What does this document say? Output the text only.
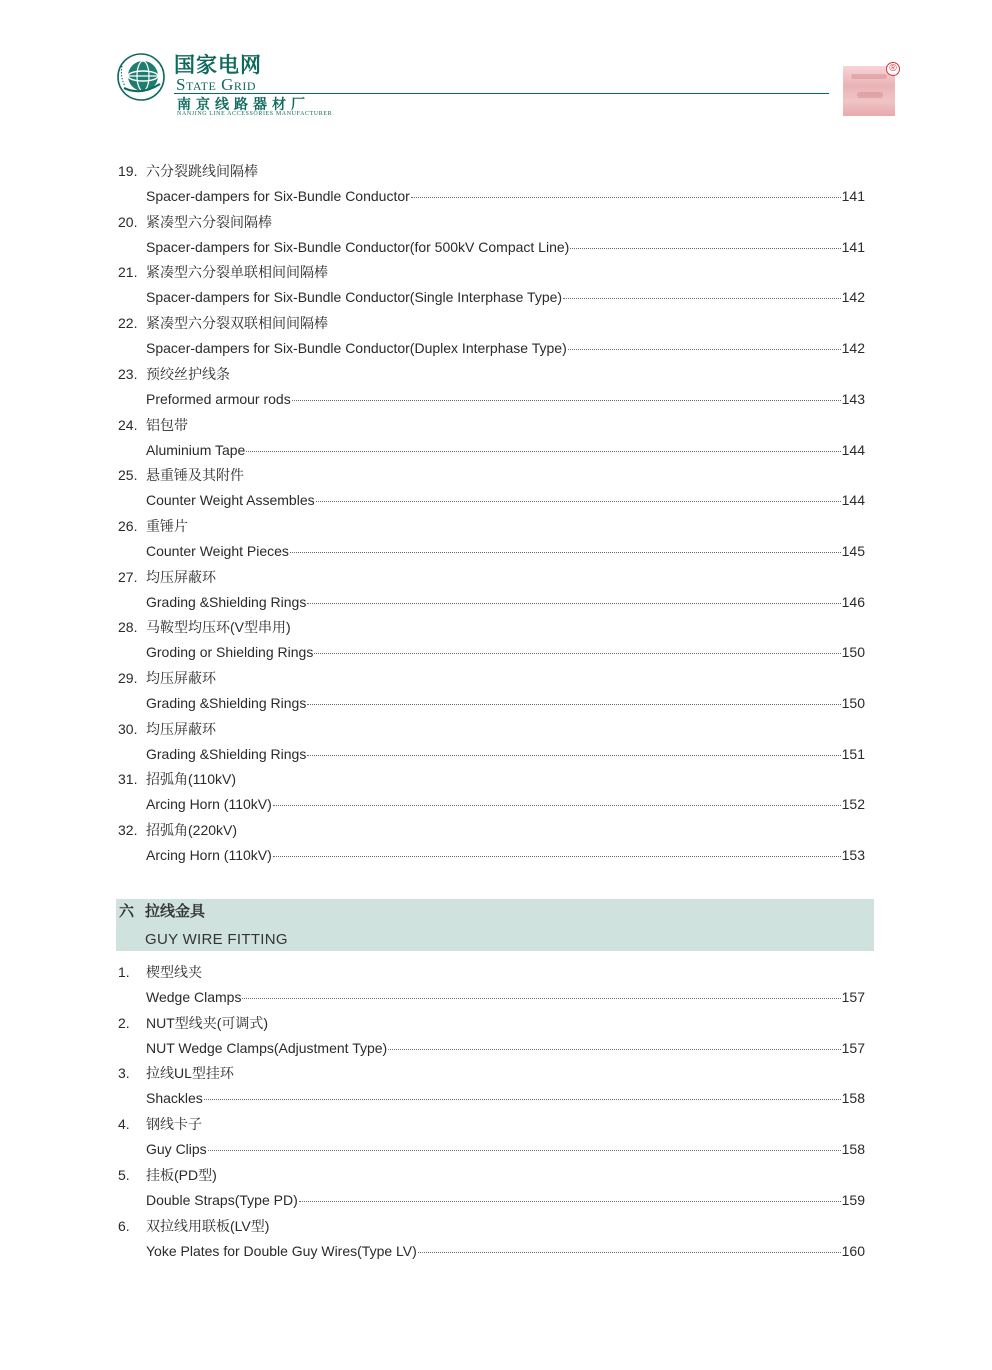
国家电网
State Grid
南京线路器材厂
NANJING LINE ACCESSORIES MANUFACTURER
®
19. 六分裂跳线间隔棒
Spacer-dampers for Six-Bundle Conductor	141
20. 紧凑型六分裂间隔棒
Spacer-dampers for Six-Bundle Conductor(for 500kV Compact Line)	141
21. 紧凑型六分裂单联相间间隔棒
Spacer-dampers for Six-Bundle Conductor(Single Interphase Type)	142
22. 紧凑型六分裂双联相间间隔棒
Spacer-dampers for Six-Bundle Conductor(Duplex Interphase Type)	142
23. 预绞丝护线条
Preformed armour rods	143
24. 铝包带
Aluminium Tape	144
25. 悬重锤及其附件
Counter Weight Assembles	144
26. 重锤片
Counter Weight Pieces	145
27. 均压屏蔽环
Grading &Shielding Rings	146
28. 马鞍型均压环(V型串用)
Groding or Shielding Rings	150
29. 均压屏蔽环
Grading &Shielding Rings	150
30. 均压屏蔽环
Grading &Shielding Rings	151
31. 招弧角(110kV)
Arcing Horn (110kV)	152
32. 招弧角(220kV)
Arcing Horn (110kV)	153
六 拉线金具
GUY WIRE FITTING
1. 楔型线夹
Wedge Clamps	157
2. NUT型线夹(可调式)
NUT Wedge Clamps(Adjustment Type)	157
3. 拉线UL型挂环
Shackles	158
4. 钢线卡子
Guy Clips	158
5. 挂板(PD型)
Double Straps(Type PD)	159
6. 双拉线用联板(LV型)
Yoke Plates for Double Guy Wires(Type LV)	160
